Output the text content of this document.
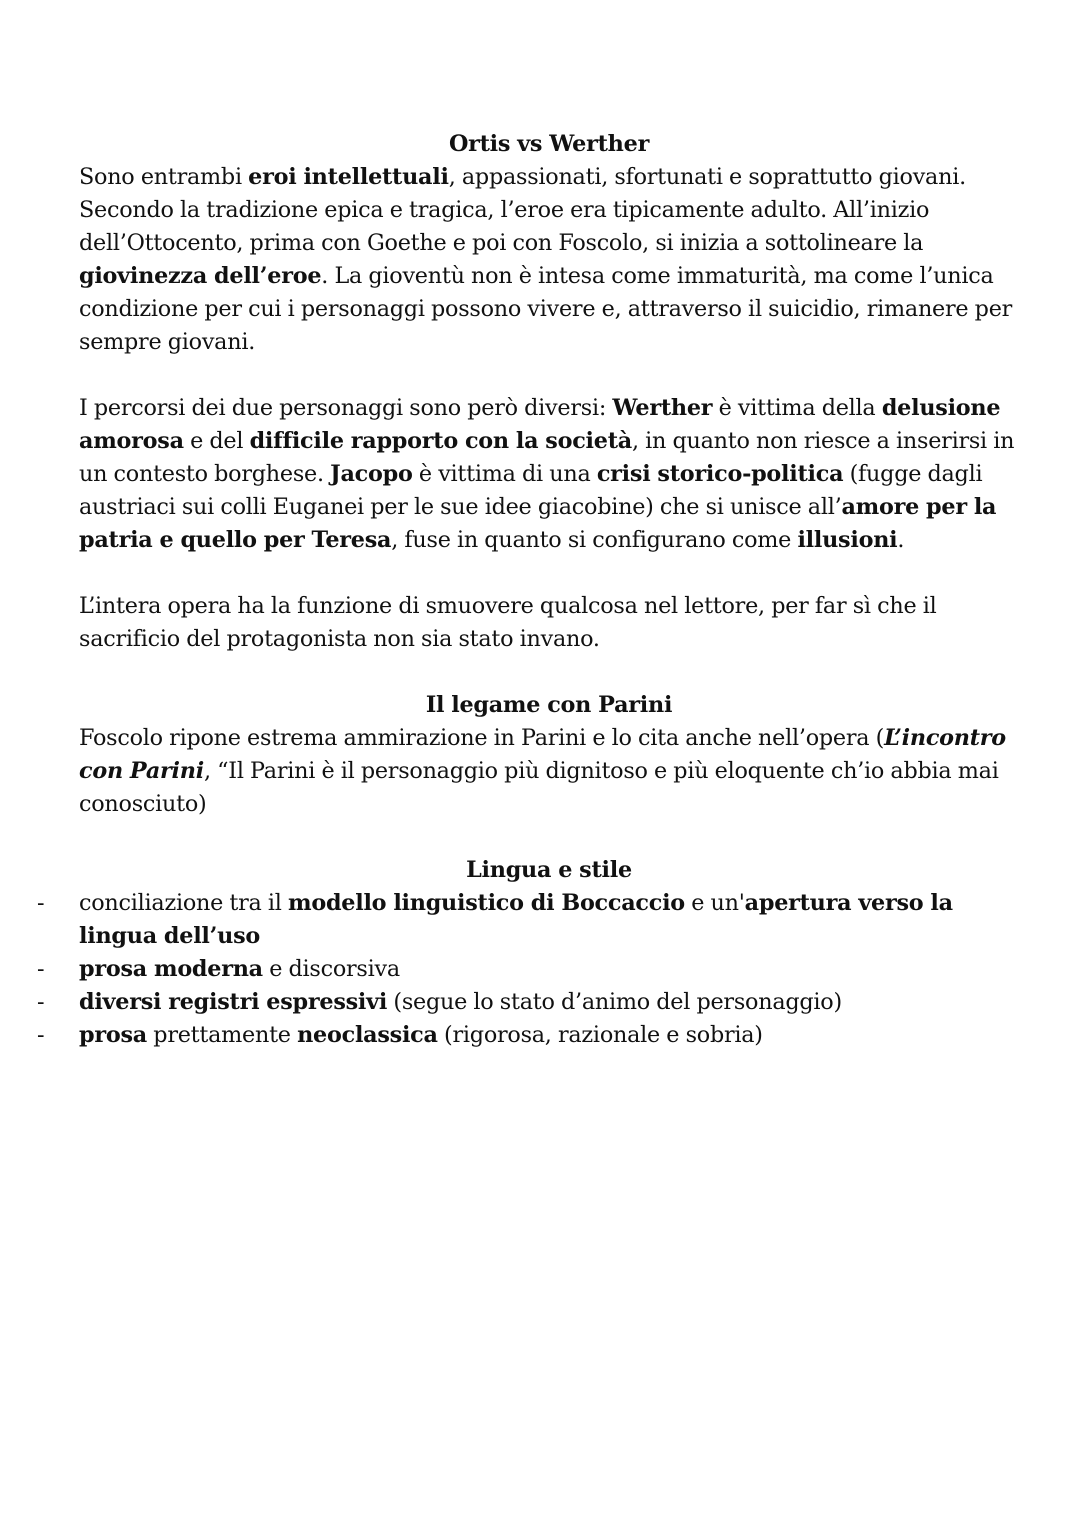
Ortis vs Werther

Sono entrambi eroi intellettuali, appassionati, sfortunati e soprattutto giovani. Secondo la tradizione epica e tragica, l’eroe era tipicamente adulto. All’inizio dell’Ottocento, prima con Goethe e poi con Foscolo, si inizia a sottolineare la giovinezza dell’eroe. La gioventù non è intesa come immaturità, ma come l’unica condizione per cui i personaggi possono vivere e, attraverso il suicidio, rimanere per sempre giovani.

I percorsi dei due personaggi sono però diversi: Werther è vittima della delusione amorosa e del difficile rapporto con la società, in quanto non riesce a inserirsi in un contesto borghese. Jacopo è vittima di una crisi storico-politica (fugge dagli austriaci sui colli Euganei per le sue idee giacobine) che si unisce all’amore per la patria e quello per Teresa, fuse in quanto si configurano come illusioni.

L’intera opera ha la funzione di smuovere qualcosa nel lettore, per far sì che il sacrificio del protagonista non sia stato invano.

Il legame con Parini

Foscolo ripone estrema ammirazione in Parini e lo cita anche nell’opera (L’incontro con Parini, “Il Parini è il personaggio più dignitoso e più eloquente ch’io abbia mai conosciuto)

Lingua e stile

- conciliazione tra il modello linguistico di Boccaccio e un'apertura verso la lingua dell’uso
- prosa moderna e discorsiva
- diversi registri espressivi (segue lo stato d’animo del personaggio)
- prosa prettamente neoclassica (rigorosa, razionale e sobria)
